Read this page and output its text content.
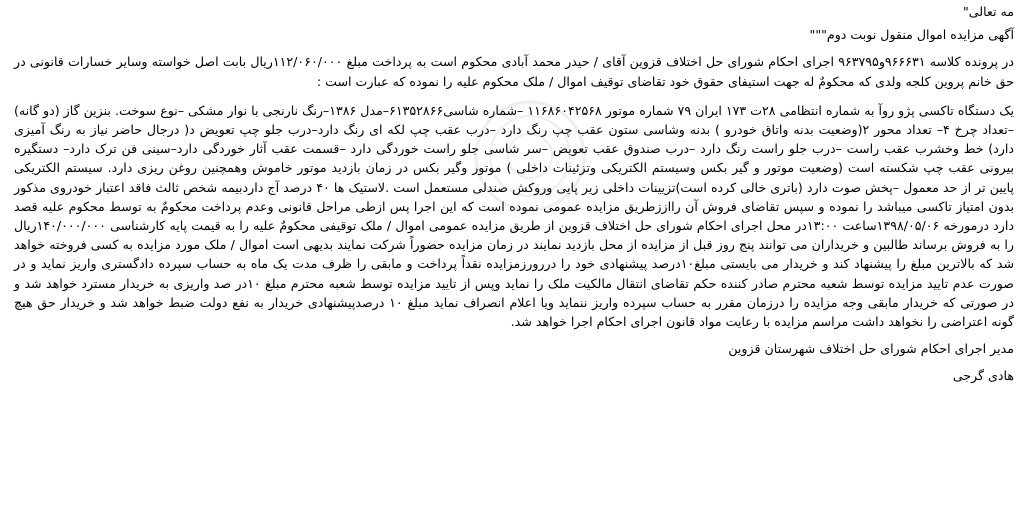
مه تعالی"

آگهی مزایده اموال منقول نوبت دوم"""

در پرونده کلاسه ۹۶۶۶۳۱و۹۶۳۷۹۵ اجرای احکام شورای حل اختلاف قزوین آقای / حیدر محمد آبادی محکوم است به پرداخت مبلغ ۱۱۲/۰۶۰/۰۰۰ریال بابت اصل خواسته وسایر خسارات قانونی در حق خانم پروین کلجه ولدی که محکومٌ له جهت استیفای حقوق خود تقاضای توقیف اموال / ملک محکوم علیه را نموده که عبارت است :

یک دستگاه تاکسی پژو روآ به شماره انتظامی ۲۸ت ۱۷۳ ایران ۷۹ شماره موتور ۱۱۶۸۶۰۴۲۵۶۸ –شماره شاسی۶۱۳۵۲۸۶۶–مدل ۱۳۸۶–رنگ نارنجی با نوار مشکی –نوع سوخت. بنزین گاز (دو گانه) –تعداد چرخ ۴– تعداد محور ۲(وضعیت بدنه واتاق خودرو ) بدنه وشاسی ستون عقب چپ رنگ دارد –درب عقب چپ لکه ای رنگ دارد–درب جلو چپ تعویض د( درجال حاضر نیاز به رنگ آمیزی دارد) خط وخشرب عقب راست –درب جلو راست رنگ دارد –درب صندوق عقب تعویض –سر شاسی جلو راست خوردگی دارد –قسمت عقب آثار خوردگی دارد–سینی فن ترک دارد– دستگیره بیرونی عقب چپ شکسته است (وضعیت موتور و گیر بکس وسیستم الکتریکی وتزئینات داخلی ) موتور وگیر بکس در زمان بازدید موتور خاموش وهمچنین روغن ریزی دارد. سیستم الکتریکی پایین تر از حد معمول –پخش صوت دارد (باتری خالی کرده است)تزیینات داخلی زیر پایی وروکش صندلی مستعمل است .لاستیک ها ۴۰ درصد آج داردبیمه شخص ثالث فاقد اعتبار خودروی مذکور بدون امتیاز تاکسی میباشد را نموده و سپس تقاضای فروش آن رااززطریق مزایده عمومی نموده است که این اجرا پس ازطی مراحل قانونی وعدم پرداخت محکومٌ به توسط محکوم علیه قصد دارد درمورخه ۱۳۹۸/۰۵/۰۶ساعت ۱۳:۰۰در محل اجرای احکام شورای حل اختلاف قزوین از طریق مزایده عمومی اموال / ملک توقیفی محکومٌ علیه را به قیمت پایه کارشناسی ۱۴۰/۰۰۰/۰۰۰ریال را به فروش برساند طالبین و خریداران می توانند پنج روز قبل از مزایده از محل بازدید نمایند در زمان مزایده حضوراً شرکت نمایند بدیهی است اموال / ملک مورد مزایده به کسی فروخته خواهد شد که بالاترین مبلغ را پیشنهاد کند و خریدار می بایستی مبلغ۱۰درصد پیشنهادی خود را دررورزمزایده نقداً پرداخت و مابقی را ظرف مدت یک ماه به حساب سپرده دادگستری واریز نماید و در صورت عدم تایید مزایده توسط شعبه محترم صادر کننده حکم تقاضای انتقال مالکیت ملک را نماید وپس از تایید مزایده توسط شعبه محترم مبلغ ۱۰در صد واریزی به خریدار مسترد خواهد شد و در صورتی که خریدار مابقی وجه مزایده را درزمان مقرر به حساب سپرده واریز ننماید ویا اعلام انصراف نماید مبلغ ۱۰ درصدپیشنهادی خریدار به نفع دولت ضبط خواهد شد و خریدار حق هیچ گونه اعتراضی را نخواهد داشت مراسم مزایده با رعایت مواد قانون اجرای احکام اجرا خواهد شد.

مدیر اجرای احکام شورای حل اختلاف شهرستان قزوین

هادی گرجی
